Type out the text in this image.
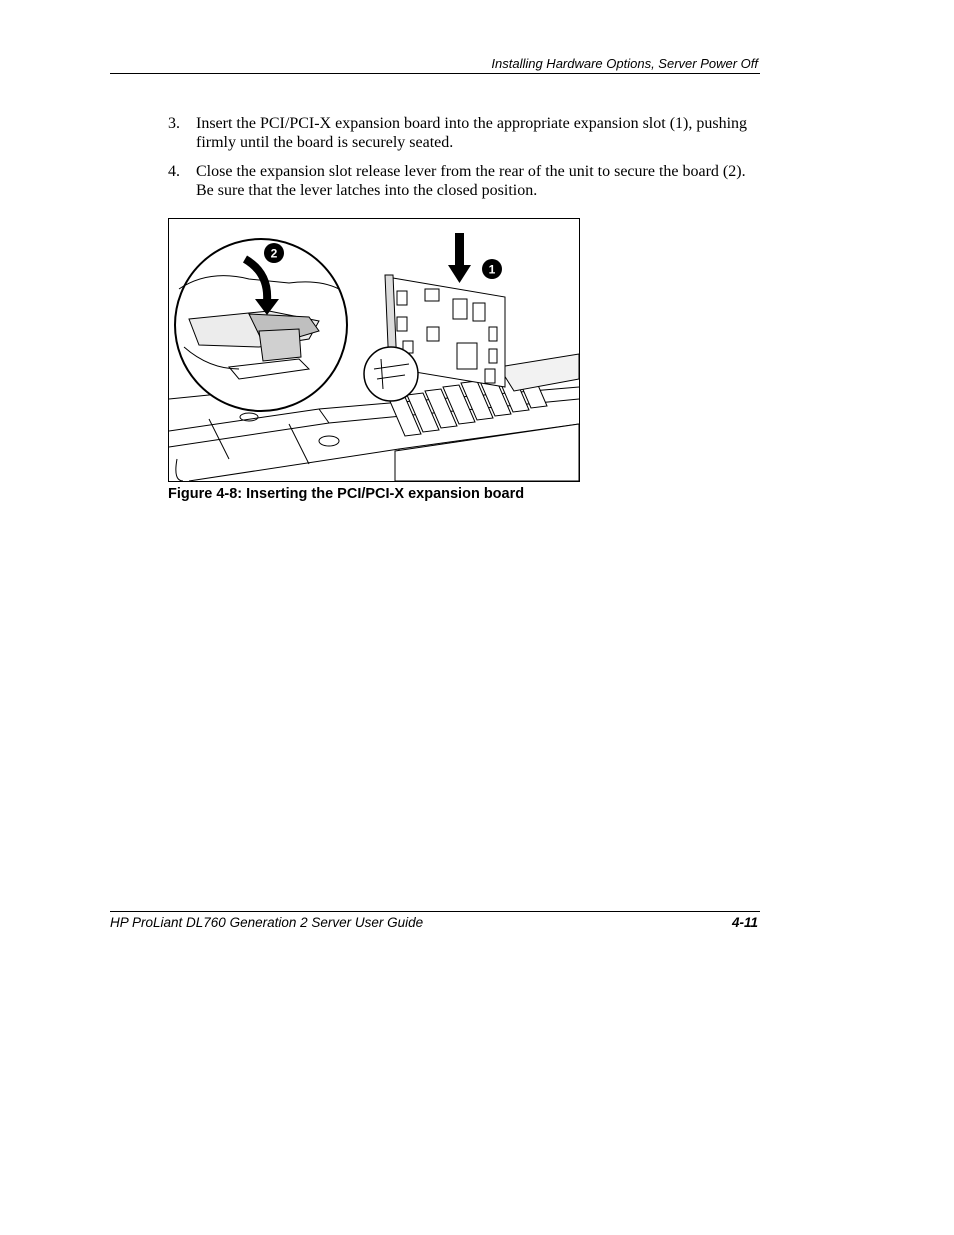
Installing Hardware Options, Server Power Off
3.	Insert the PCI/PCI-X expansion board into the appropriate expansion slot (1), pushing firmly until the board is securely seated.
4.	Close the expansion slot release lever from the rear of the unit to secure the board (2). Be sure that the lever latches into the closed position.
1
2
Figure 4-8: Inserting the PCI/PCI-X expansion board
HP ProLiant DL760 Generation 2 Server User Guide	4-11
